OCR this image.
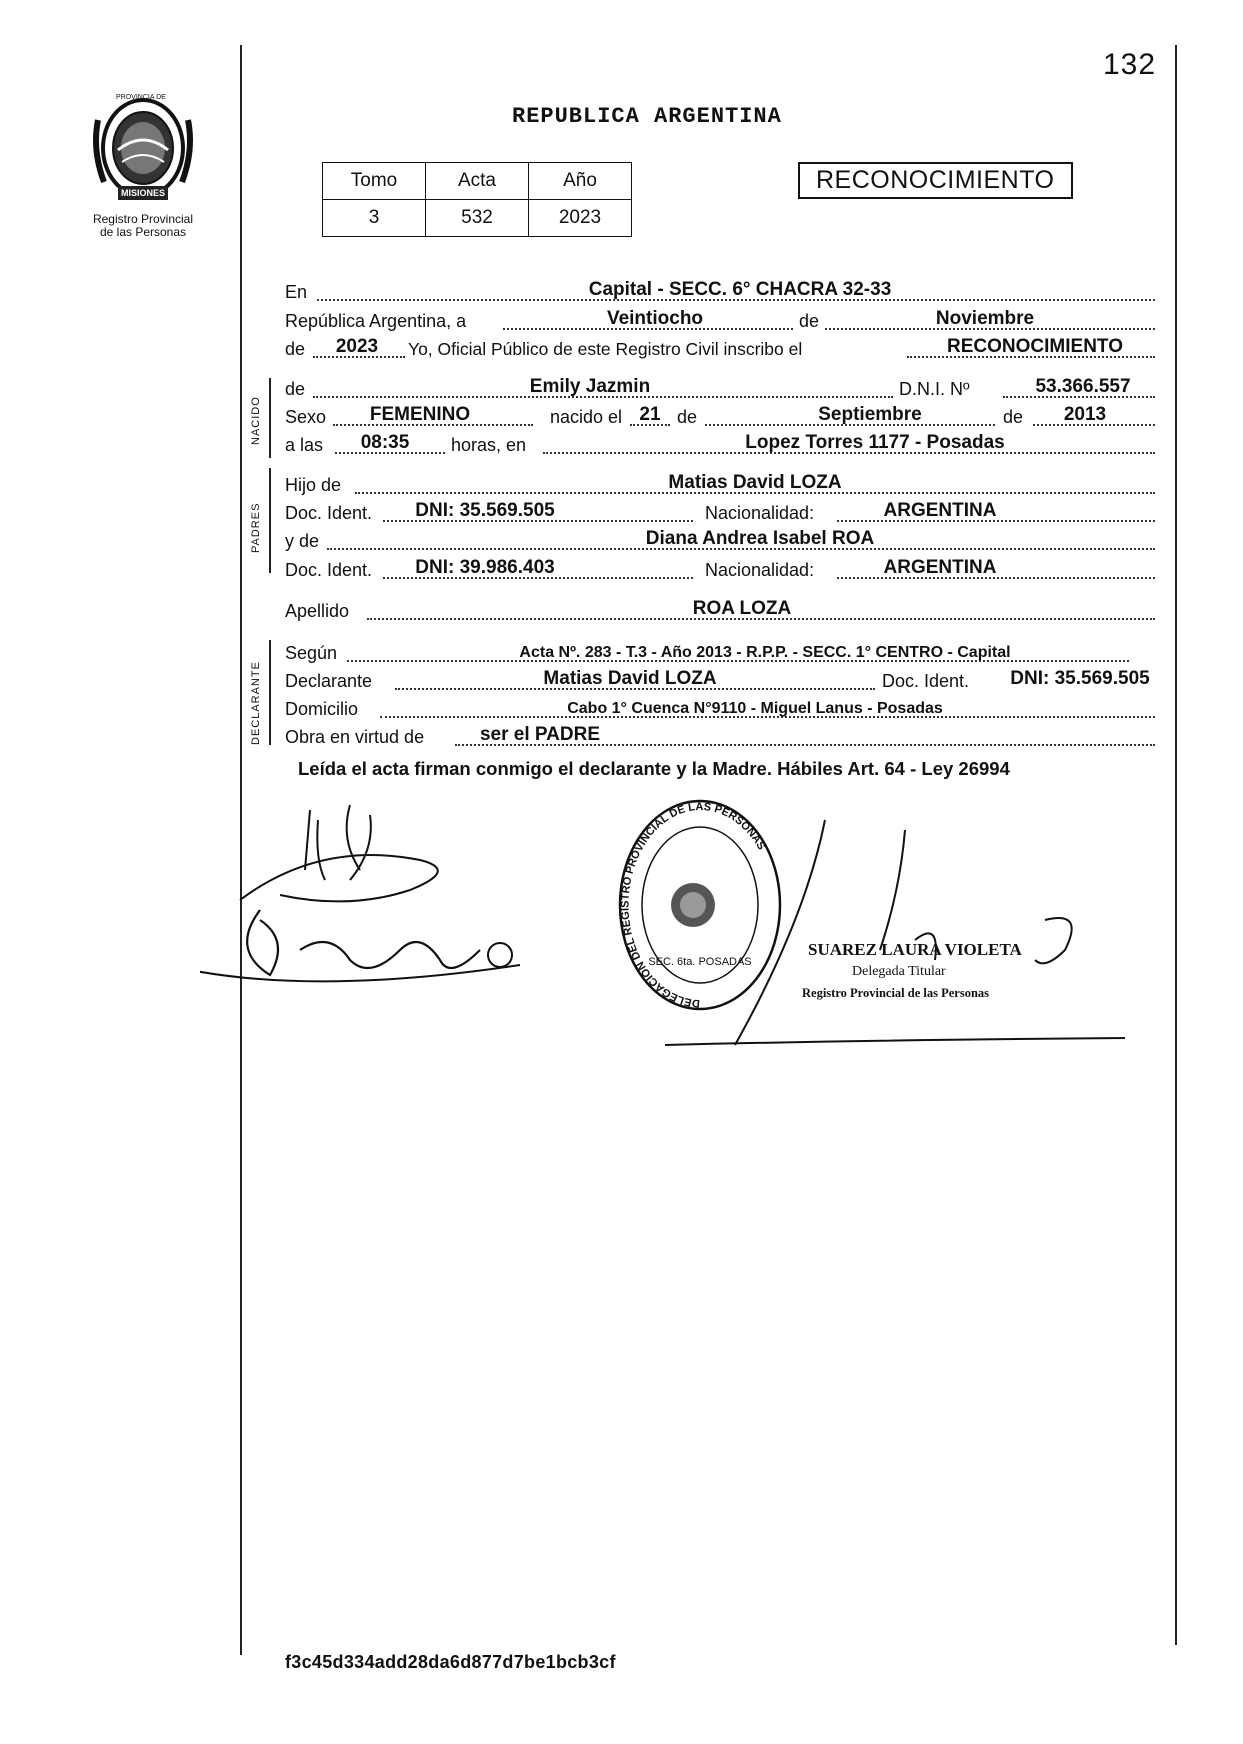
132
PROVINCIA DE
MISIONES
Registro Provincial
de las Personas
REPUBLICA ARGENTINA
Tomo	Acta	Año
3	532	2023
RECONOCIMIENTO
NACIDO
PADRES
DECLARANTE
En	Capital - SECC. 6° CHACRA 32-33
República Argentina, a	Veintiocho	de	Noviembre
de 2023 Yo, Oficial Público de este Registro Civil inscribo el	RECONOCIMIENTO
de	Emily Jazmin	D.N.I. Nº	53.366.557
Sexo FEMENINO	nacido el 21 de	Septiembre	de 2013
a las 08:35 horas, en	Lopez Torres 1177 - Posadas
Hijo de	Matias David LOZA
Doc. Ident. DNI: 35.569.505	Nacionalidad:	ARGENTINA
y de	Diana Andrea Isabel ROA
Doc. Ident. DNI: 39.986.403	Nacionalidad:	ARGENTINA
Apellido	ROA LOZA
Según	Acta Nº. 283 - T.3 - Año 2013 - R.P.P. - SECC. 1° CENTRO - Capital
Declarante	Matias David LOZA	Doc. Ident. DNI: 35.569.505
Domicilio	Cabo 1° Cuenca N°9110 - Miguel Lanus - Posadas
Obra en virtud de	ser el PADRE
Leída el acta firman conmigo el declarante y la Madre. Hábiles Art. 64 - Ley 26994
DELEGACION DEL REGISTRO PROVINCIAL DE LAS PERSONAS
SEC. 6ta. POSADAS
SUAREZ LAURA VIOLETA
Delegada Titular
Registro Provincial de las Personas
f3c45d334add28da6d877d7be1bcb3cf
